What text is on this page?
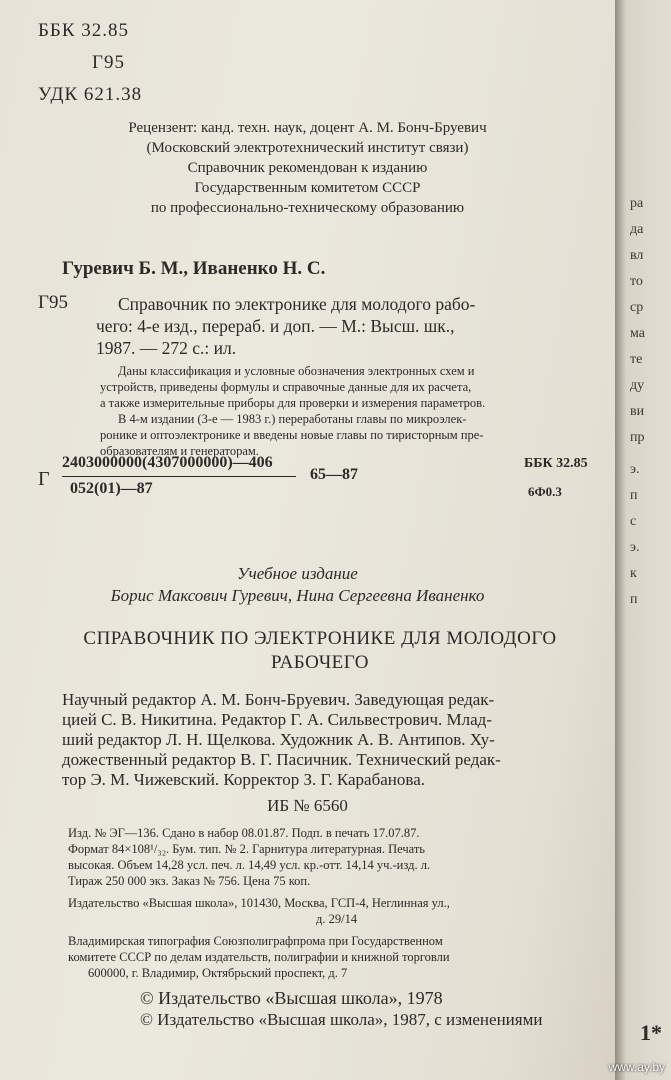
ББК 32.85
Г95
УДК 621.38
Рецензент: канд. техн. наук, доцент А. М. Бонч-Бруевич
(Московский электротехнический институт связи)
Справочник рекомендован к изданию
Государственным комитетом СССР
по профессионально-техническому образованию
Гуревич Б. М., Иваненко Н. С.
Г95	Справочник по электронике для молодого рабо-
чего: 4-е изд., перераб. и доп. — М.: Высш. шк.,
1987. — 272 с.: ил.
Даны классификация и условные обозначения электронных схем и
устройств, приведены формулы и справочные данные для их расчета,
а также измерительные приборы для проверки и измерения параметров.
В 4-м издании (3-е — 1983 г.) переработаны главы по микроэлек-
ронике и оптоэлектронике и введены новые главы по тиристорным пре-
образователям и генераторам.
Г
2403000000(4307000000)—406
052(01)—87
65—87
ББК 32.85
6Ф0.3
Учебное издание
Борис Максович Гуревич, Нина Сергеевна Иваненко
СПРАВОЧНИК ПО ЭЛЕКТРОНИКЕ ДЛЯ МОЛОДОГО
РАБОЧЕГО
Научный редактор А. М. Бонч-Бруевич. Заведующая редак-
цией С. В. Никитина. Редактор Г. А. Сильвестрович. Млад-
ший редактор Л. Н. Щелкова. Художник А. В. Антипов. Ху-
дожественный редактор В. Г. Пасичник. Технический редак-
тор Э. М. Чижевский. Корректор З. Г. Карабанова.
ИБ № 6560
Изд. № ЭГ—136. Сдано в набор 08.01.87. Подп. в печать 17.07.87.
Формат 84×108¹/₃₂. Бум. тип. № 2. Гарнитура литературная. Печать
высокая. Объем 14,28 усл. печ. л. 14,49 усл. кр.-отт. 14,14 уч.-изд. л.
Тираж 250 000 экз. Заказ № 756. Цена 75 коп.
Издательство «Высшая школа», 101430, Москва, ГСП-4, Неглинная ул.,
д. 29/14
Владимирская типография Союзполиграфпрома при Государственном
комитете СССР по делам издательств, полиграфии и книжной торговли
600000, г. Владимир, Октябрьский проспект, д. 7
© Издательство «Высшая школа», 1978
© Издательство «Высшая школа», 1987, с изменениями
ра
да
вл
то
ср
ма
те
ду
ви
пр
э.
п
с
э.
к
п
1*
www.ay.by
